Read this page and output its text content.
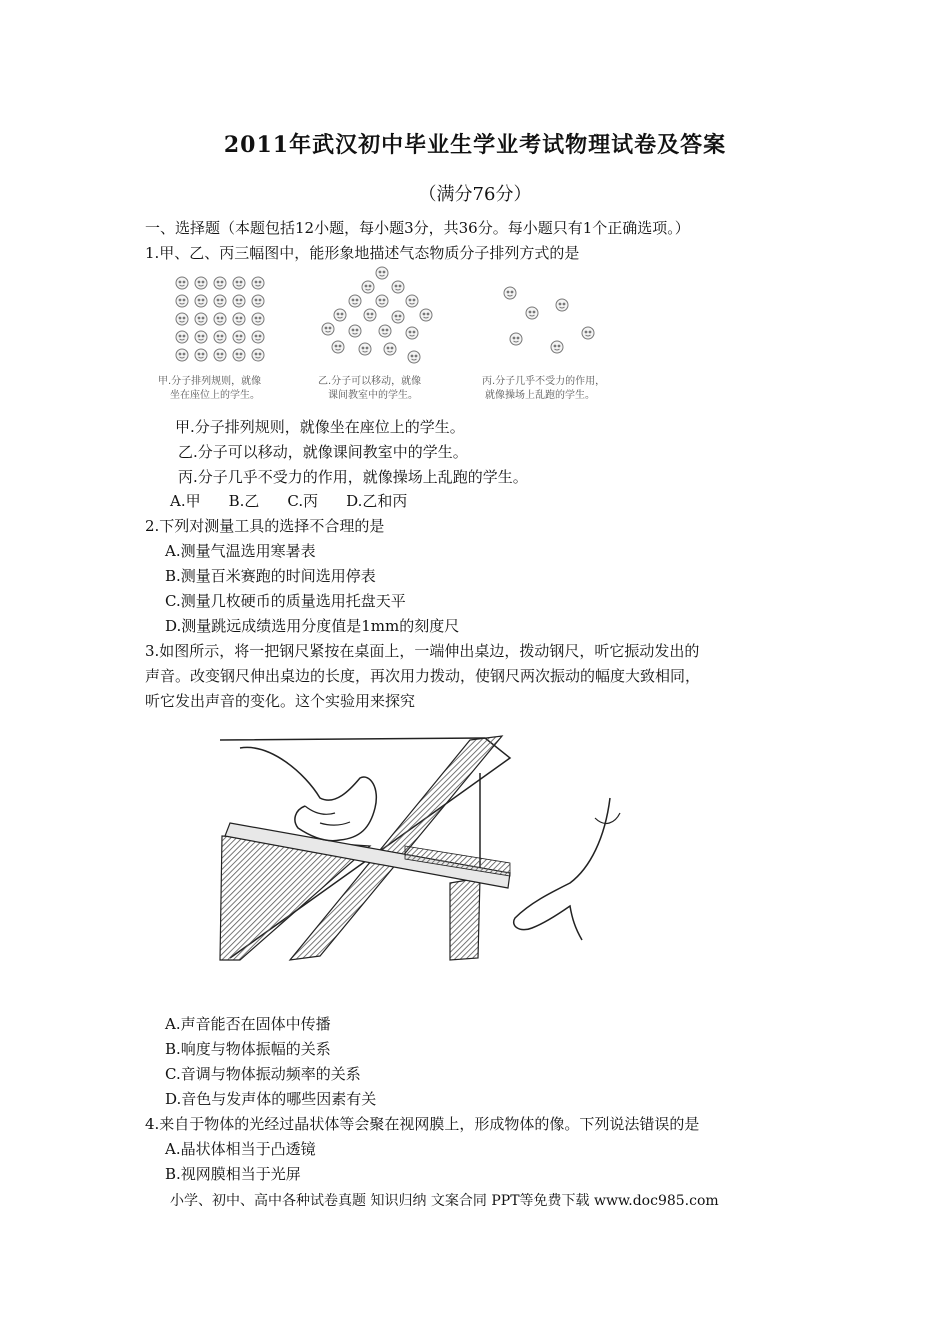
2011年武汉初中毕业生学业考试物理试卷及答案
（满分76分）
一、选择题（本题包括12小题，每小题3分，共36分。每小题只有1个正确选项。）
1.甲、乙、丙三幅图中，能形象地描述气态物质分子排列方式的是
甲.分子排列规则，就像
坐在座位上的学生。
乙.分子可以移动，就像
课间教室中的学生。
丙.分子几乎不受力的作用，
就像操场上乱跑的学生。
甲.分子排列规则，就像坐在座位上的学生。
乙.分子可以移动，就像课间教室中的学生。
丙.分子几乎不受力的作用，就像操场上乱跑的学生。
A.甲 B.乙 C.丙 D.乙和丙
2.下列对测量工具的选择不合理的是
A.测量气温选用寒暑表
B.测量百米赛跑的时间选用停表
C.测量几枚硬币的质量选用托盘天平
D.测量跳远成绩选用分度值是1mm的刻度尺
3.如图所示，将一把钢尺紧按在桌面上，一端伸出桌边，拨动钢尺，听它振动发出的
声音。改变钢尺伸出桌边的长度，再次用力拨动，使钢尺两次振动的幅度大致相同，
听它发出声音的变化。这个实验用来探究
A.声音能否在固体中传播
B.响度与物体振幅的关系
C.音调与物体振动频率的关系
D.音色与发声体的哪些因素有关
4.来自于物体的光经过晶状体等会聚在视网膜上，形成物体的像。下列说法错误的是
A.晶状体相当于凸透镜
B.视网膜相当于光屏
小学、初中、高中各种试卷真题 知识归纳 文案合同 PPT等免费下载 www.doc985.com
